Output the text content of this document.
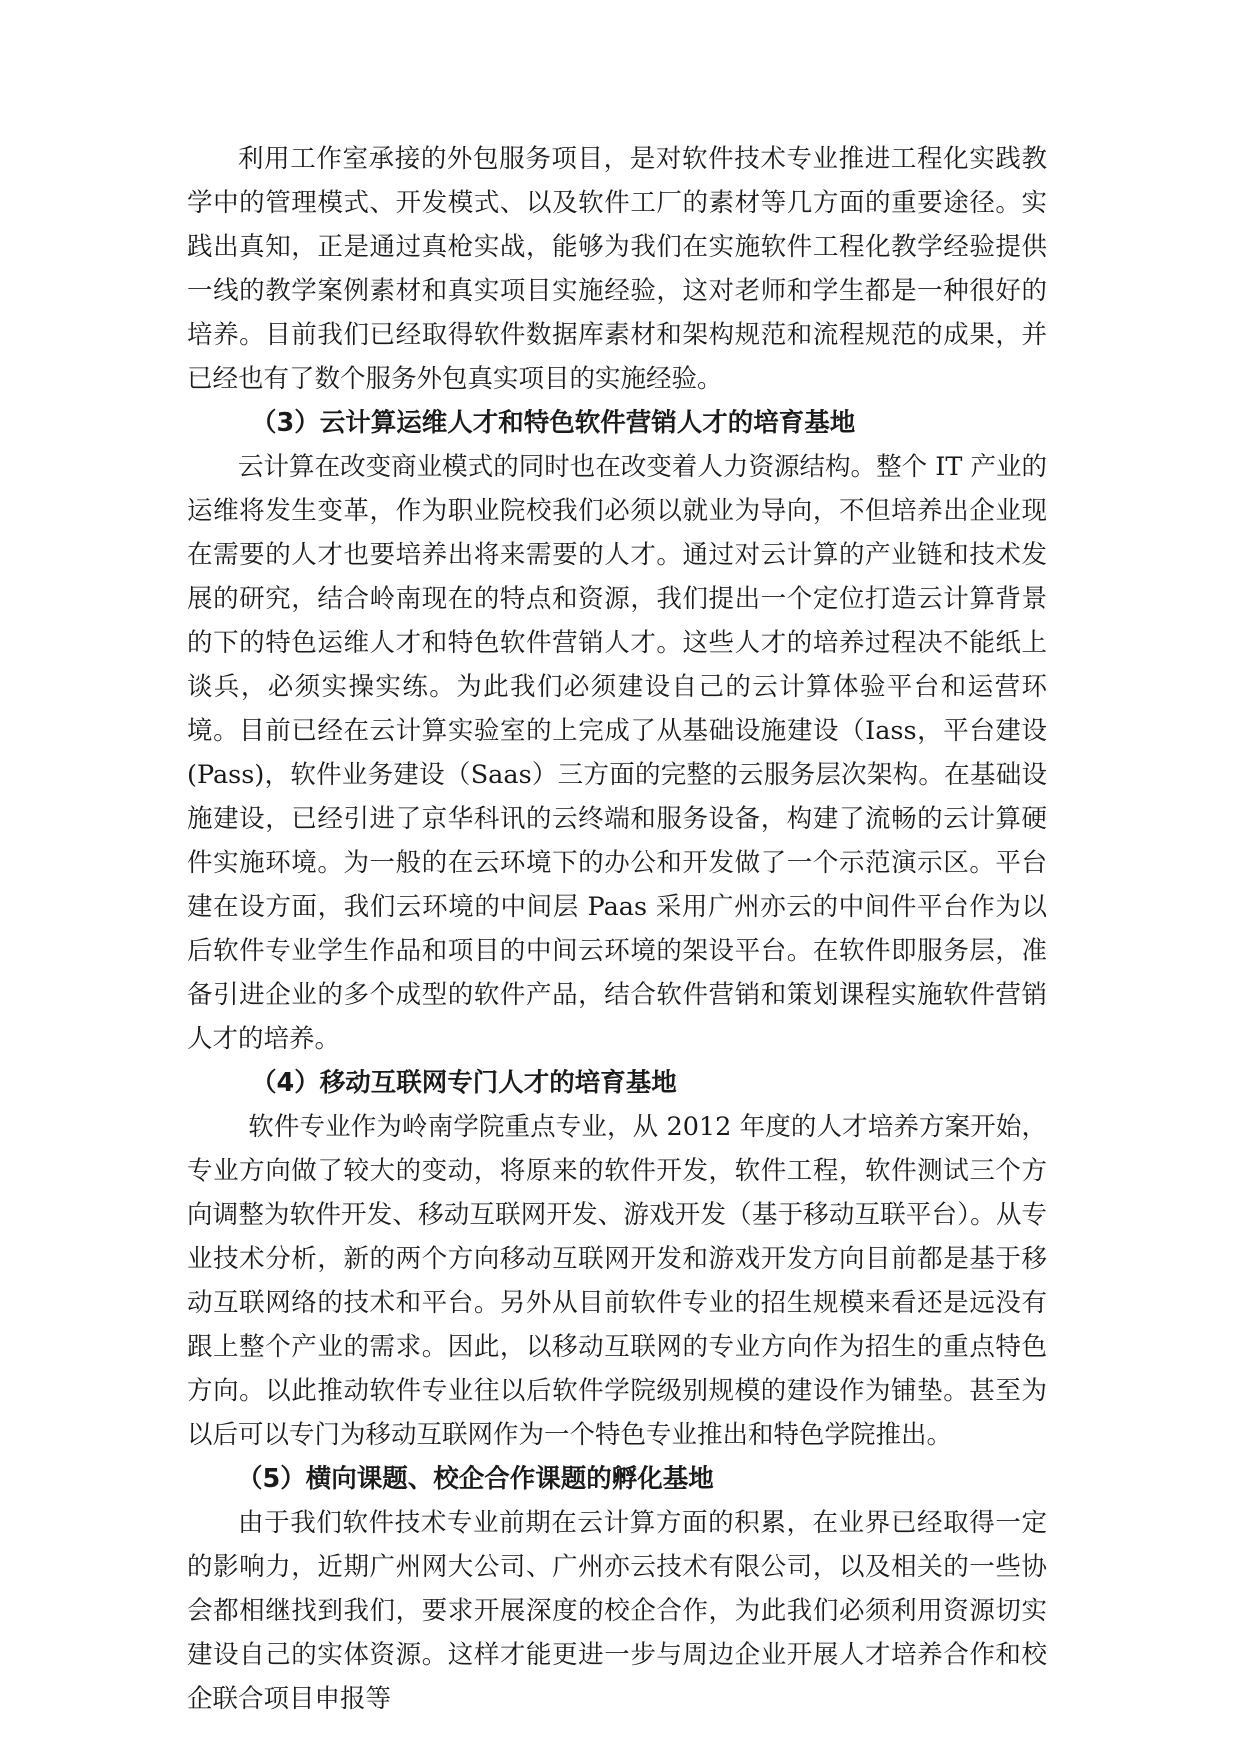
利用工作室承接的外包服务项目，是对软件技术专业推进工程化实践教学中的管理模式、开发模式、以及软件工厂的素材等几方面的重要途径。实践出真知，正是通过真枪实战，能够为我们在实施软件工程化教学经验提供一线的教学案例素材和真实项目实施经验，这对老师和学生都是一种很好的培养。目前我们已经取得软件数据库素材和架构规范和流程规范的成果，并已经也有了数个服务外包真实项目的实施经验。

（3）云计算运维人才和特色软件营销人才的培育基地

云计算在改变商业模式的同时也在改变着人力资源结构。整个 IT 产业的运维将发生变革，作为职业院校我们必须以就业为导向，不但培养出企业现在需要的人才也要培养出将来需要的人才。通过对云计算的产业链和技术发展的研究，结合岭南现在的特点和资源，我们提出一个定位打造云计算背景的下的特色运维人才和特色软件营销人才。这些人才的培养过程决不能纸上谈兵，必须实操实练。为此我们必须建设自己的云计算体验平台和运营环境。目前已经在云计算实验室的上完成了从基础设施建设（Iass，平台建设(Pass)，软件业务建设（Saas）三方面的完整的云服务层次架构。在基础设施建设，已经引进了京华科讯的云终端和服务设备，构建了流畅的云计算硬件实施环境。为一般的在云环境下的办公和开发做了一个示范演示区。平台建在设方面，我们云环境的中间层 Paas 采用广州亦云的中间件平台作为以后软件专业学生作品和项目的中间云环境的架设平台。在软件即服务层，准备引进企业的多个成型的软件产品，结合软件营销和策划课程实施软件营销人才的培养。

（4）移动互联网专门人才的培育基地

软件专业作为岭南学院重点专业，从 2012 年度的人才培养方案开始，专业方向做了较大的变动，将原来的软件开发，软件工程，软件测试三个方向调整为软件开发、移动互联网开发、游戏开发（基于移动互联平台）。从专业技术分析，新的两个方向移动互联网开发和游戏开发方向目前都是基于移动互联网络的技术和平台。另外从目前软件专业的招生规模来看还是远没有跟上整个产业的需求。因此，以移动互联网的专业方向作为招生的重点特色方向。以此推动软件专业往以后软件学院级别规模的建设作为铺垫。甚至为以后可以专门为移动互联网作为一个特色专业推出和特色学院推出。

（5）横向课题、校企合作课题的孵化基地

由于我们软件技术专业前期在云计算方面的积累，在业界已经取得一定的影响力，近期广州网大公司、广州亦云技术有限公司，以及相关的一些协会都相继找到我们，要求开展深度的校企合作，为此我们必须利用资源切实建设自己的实体资源。这样才能更进一步与周边企业开展人才培养合作和校企联合项目申报等
